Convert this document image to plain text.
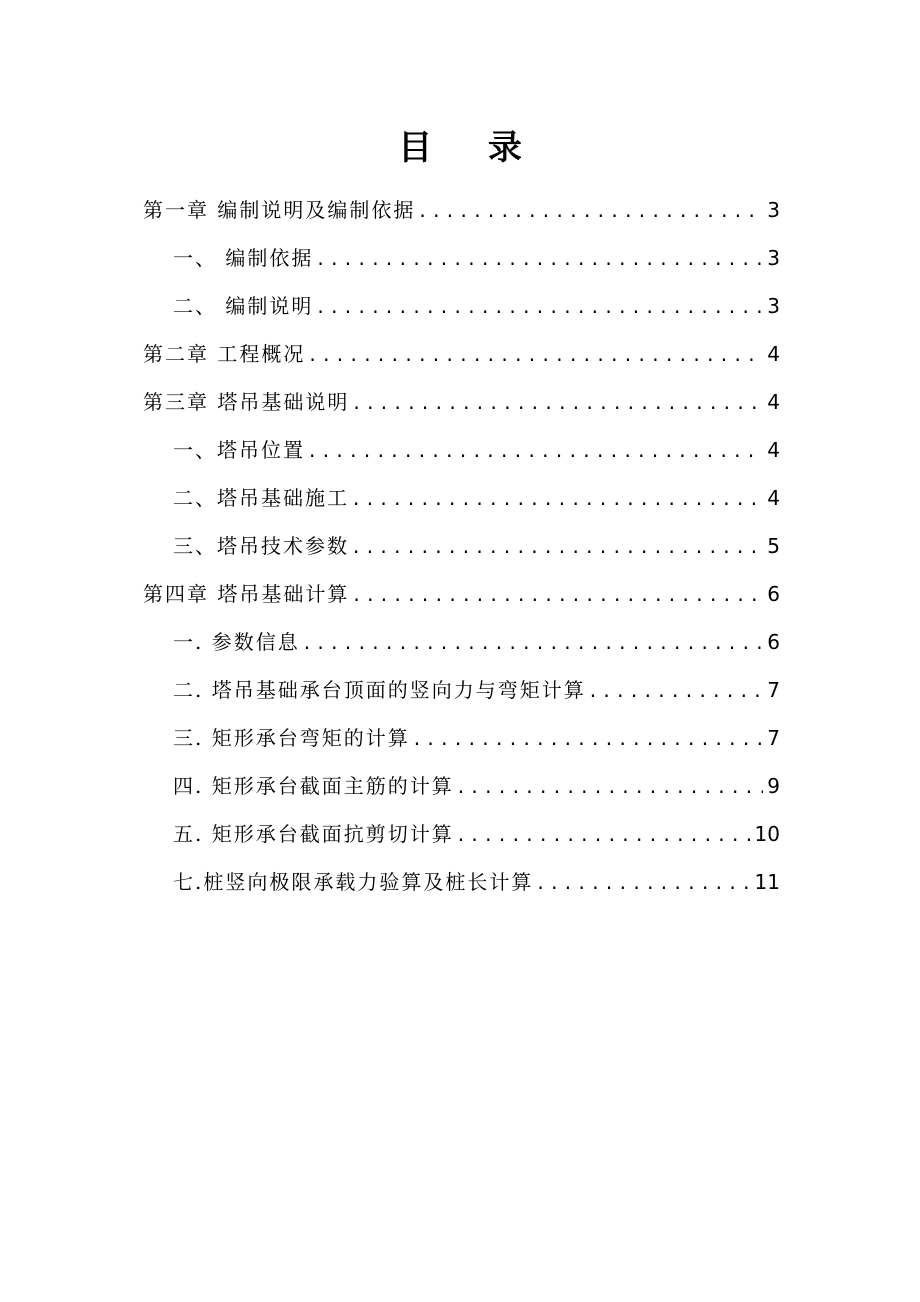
目 录
第一章 编制说明及编制依据 . . .	3
一、 编制依据 . . .	3
二、 编制说明 . . .	3
第二章 工程概况 . . .	4
第三章 塔吊基础说明 . . .	4
一、塔吊位置 . . .	4
二、塔吊基础施工 . . .	4
三、塔吊技术参数 . . .	5
第四章 塔吊基础计算 . . .	6
一. 参数信息 . . .	6
二. 塔吊基础承台顶面的竖向力与弯矩计算 . . .	7
三. 矩形承台弯矩的计算 . . .	7
四. 矩形承台截面主筋的计算 . . .	9
五. 矩形承台截面抗剪切计算 . . .	10
七.桩竖向极限承载力验算及桩长计算 . . .	11
